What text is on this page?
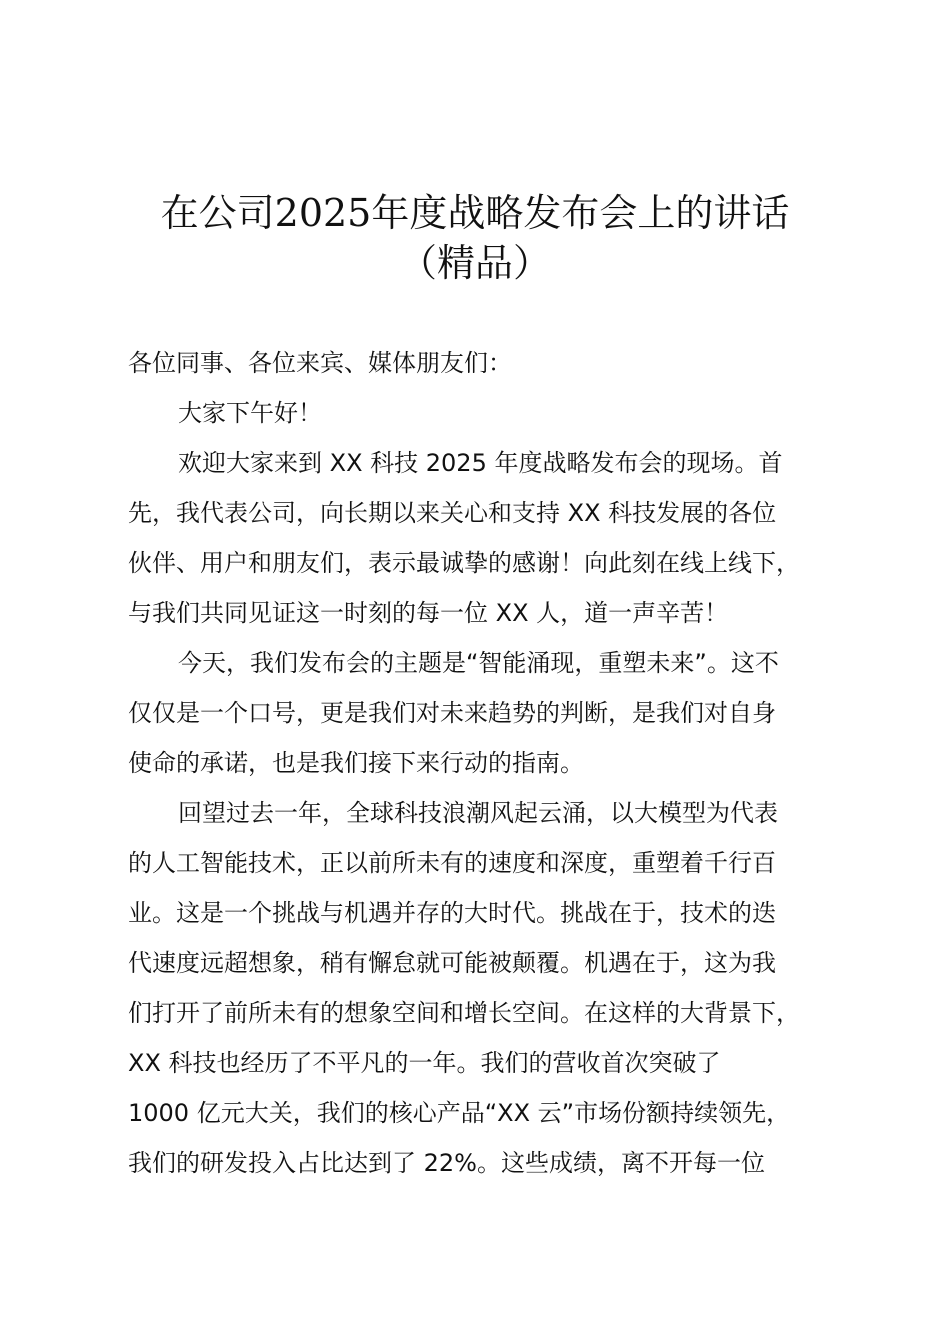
在公司2025年度战略发布会上的讲话
（精品）
各位同事、各位来宾、媒体朋友们：
大家下午好！
欢迎大家来到 XX 科技 2025 年度战略发布会的现场。首
先，我代表公司，向长期以来关心和支持 XX 科技发展的各位
伙伴、用户和朋友们，表示最诚挚的感谢！向此刻在线上线下，
与我们共同见证这一时刻的每一位 XX 人，道一声辛苦！
今天，我们发布会的主题是“智能涌现，重塑未来”。这不
仅仅是一个口号，更是我们对未来趋势的判断，是我们对自身
使命的承诺，也是我们接下来行动的指南。
回望过去一年，全球科技浪潮风起云涌，以大模型为代表
的人工智能技术，正以前所未有的速度和深度，重塑着千行百
业。这是一个挑战与机遇并存的大时代。挑战在于，技术的迭
代速度远超想象，稍有懈怠就可能被颠覆。机遇在于，这为我
们打开了前所未有的想象空间和增长空间。在这样的大背景下，
XX 科技也经历了不平凡的一年。我们的营收首次突破了
1000 亿元大关，我们的核心产品“XX 云”市场份额持续领先，
我们的研发投入占比达到了 22%。这些成绩，离不开每一位
